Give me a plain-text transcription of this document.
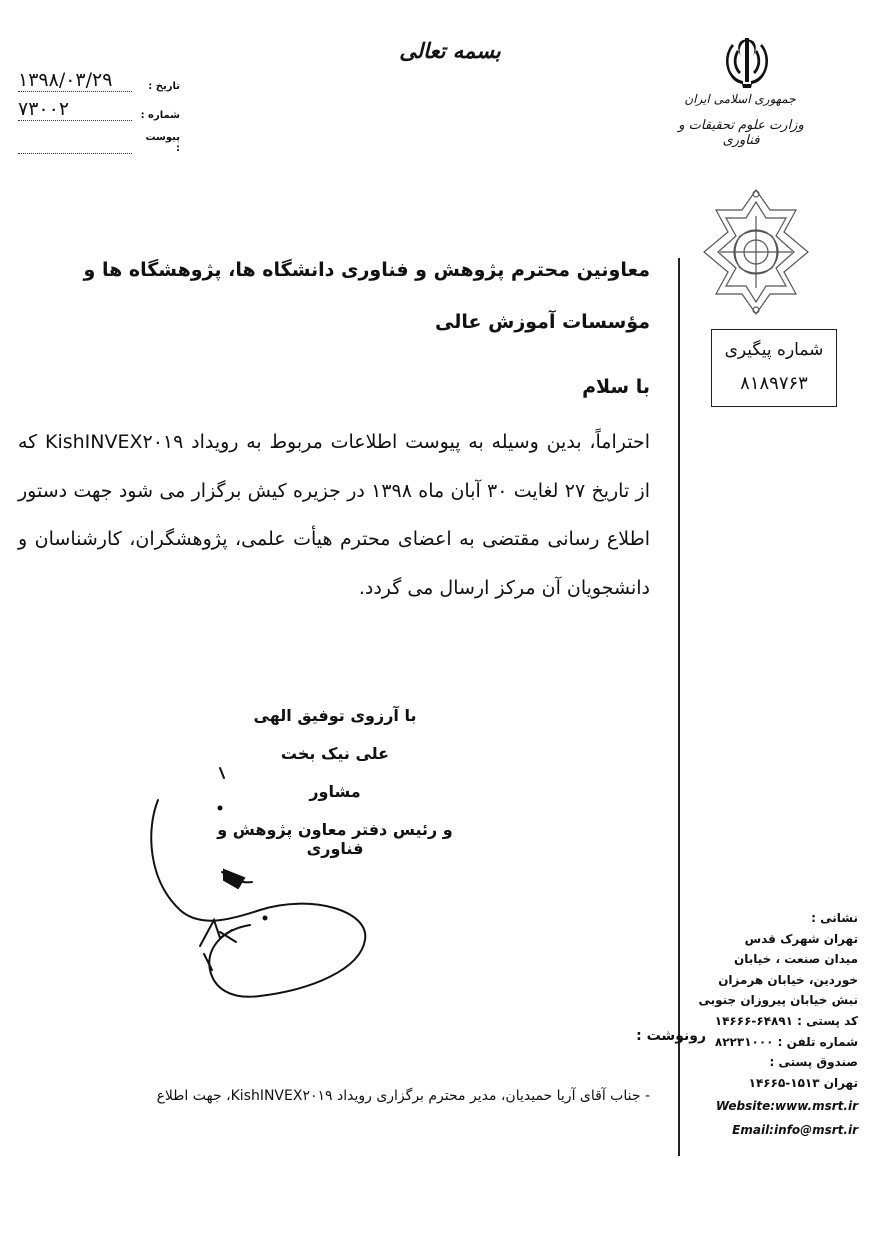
۱۳۹۸/۰۳/۲۹	تاریخ :
۷۳۰۰۲	شماره :
پیوست :
بسمه تعالی
جمهوری اسلامی ایران
وزارت علوم تحقیقات و فناوری
شماره پیگیری
۸۱۸۹۷۶۳
معاونین محترم پژوهش و فناوری دانشگاه ها، پژوهشگاه ها و
مؤسسات آموزش عالی
با سلام
احتراماً، بدین وسیله به پیوست اطلاعات مربوط به رویداد KishINVEX۲۰۱۹ که از تاریخ ۲۷ لغایت ۳۰ آبان ماه ۱۳۹۸ در جزیره کیش برگزار می شود جهت دستور اطلاع رسانی مقتضی به اعضای محترم هیأت علمی، پژوهشگران، کارشناسان و دانشجویان آن مرکز ارسال می گردد.
با آرزوی توفیق الهی
علی نیک بخت
مشاور
و رئیس دفتر معاون پژوهش و فناوری
نشانی :
تهران شهرک قدس
میدان صنعت ، خیابان
خوردین، خیابان هرمزان
نبش خیابان پیروزان جنوبی
کد پستی : ۶۴۸۹۱-۱۴۶۶۶
شماره تلفن : ۸۲۲۳۱۰۰۰
صندوق پستی :
تهران ۱۵۱۳-۱۴۶۶۵
Website:www.msrt.ir
Email:info@msrt.ir
رونوشت :
- جناب آقای آریا حمیدیان، مدیر محترم برگزاری رویداد KishINVEX۲۰۱۹، جهت اطلاع
